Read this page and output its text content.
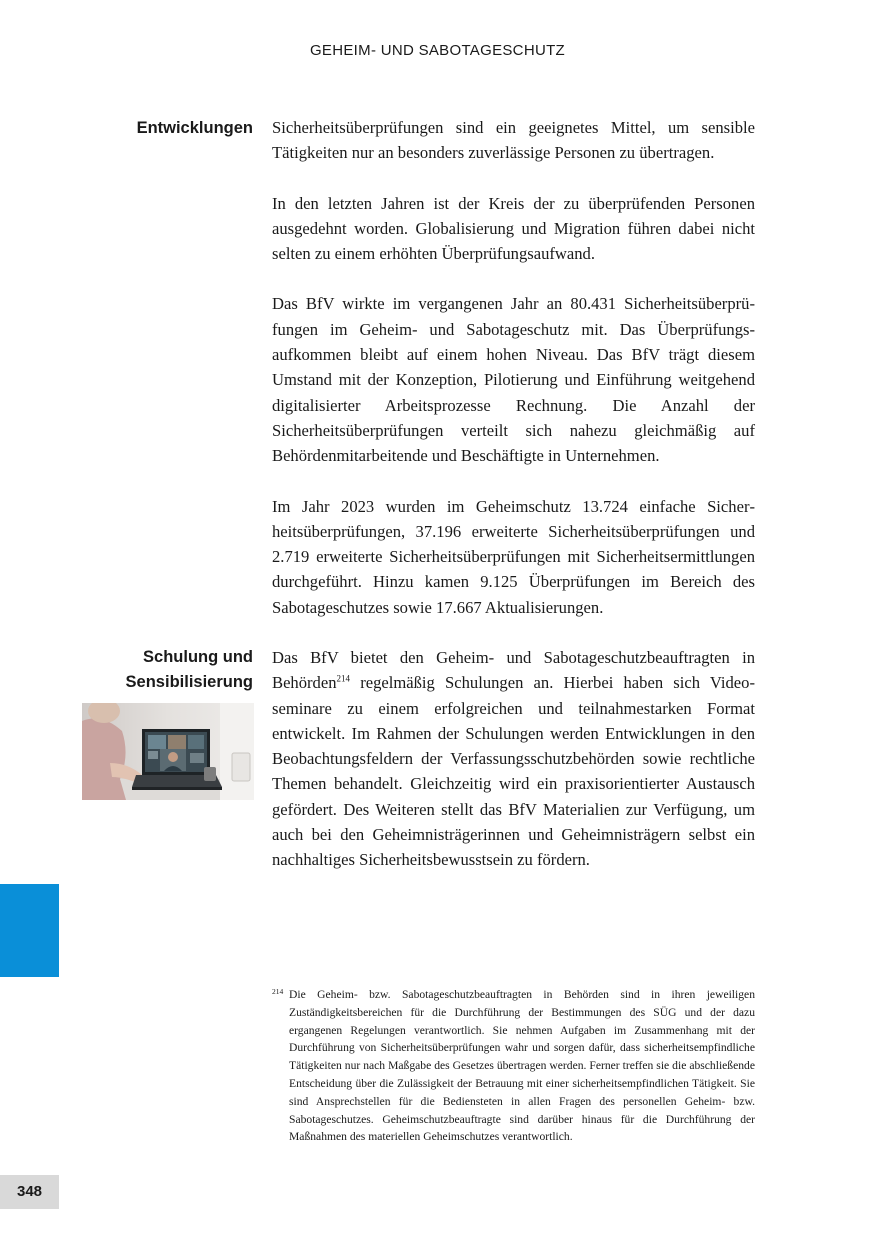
GEHEIM- UND SABOTAGESCHUTZ
Entwicklungen Sicherheitsüberprüfungen sind ein geeignetes Mittel, um sensible Tätigkeiten nur an besonders zuverlässige Personen zu übertragen.

In den letzten Jahren ist der Kreis der zu überprüfenden Personen ausgedehnt worden. Globalisierung und Migration führen dabei nicht selten zu einem erhöhten Überprüfungsaufwand.

Das BfV wirkte im vergangenen Jahr an 80.431 Sicherheitsüberprüfungen im Geheim- und Sabotageschutz mit. Das Überprüfungsaufkommen bleibt auf einem hohen Niveau. Das BfV trägt diesem Umstand mit der Konzeption, Pilotierung und Einführung weitgehend digitalisierter Arbeitsprozesse Rechnung. Die Anzahl der Sicherheitsüberprüfungen verteilt sich nahezu gleichmäßig auf Behördenmitarbeitende und Beschäftigte in Unternehmen.

Im Jahr 2023 wurden im Geheimschutz 13.724 einfache Sicherheitsüberprüfungen, 37.196 erweiterte Sicherheitsüberprüfungen und 2.719 erweiterte Sicherheitsüberprüfungen mit Sicherheitsermittlungen durchgeführt. Hinzu kamen 9.125 Überprüfungen im Bereich des Sabotageschutzes sowie 17.667 Aktualisierungen.

Schulung und
Sensibilisierung

Das BfV bietet den Geheim- und Sabotageschutzbeauftragten in Behörden$^{214}$ regelmäßig Schulungen an. Hierbei haben sich Videoseminare zu einem erfolgreichen und teilnahmestarken Format entwickelt. Im Rahmen der Schulungen werden Entwicklungen in den Beobachtungsfeldern der Verfassungsschutzbehörden sowie rechtliche Themen behandelt. Gleichzeitig wird ein praxisorientierter Austausch gefördert. Des Weiteren stellt das BfV Materialien zur Verfügung, um auch bei den Geheimnisträgerinnen und Geheimnisträgern selbst ein nachhaltiges Sicherheitsbewusstsein zu fördern.

214 Die Geheim- bzw. Sabotageschutzbeauftragten in Behörden sind in ihren jeweiligen Zuständigkeitsbereichen für die Durchführung der Bestimmungen des SÜG und der dazu ergangenen Regelungen verantwortlich. Sie nehmen Aufgaben im Zusammenhang mit der Durchführung von Sicherheitsüberprüfungen wahr und sorgen dafür, dass sicherheitsempfindliche Tätigkeiten nur nach Maßgabe des Gesetzes übertragen werden. Ferner treffen sie die abschließende Entscheidung über die Zulässigkeit der Betrauung mit einer sicherheitsempfindlichen Tätigkeit. Sie sind Ansprechstellen für die Bediensteten in allen Fragen des personellen Geheim- bzw. Sabotageschutzes. Geheimschutzbeauftragte sind darüber hinaus für die Durchführung der Maßnahmen des materiellen Geheimschutzes verantwortlich.
348
